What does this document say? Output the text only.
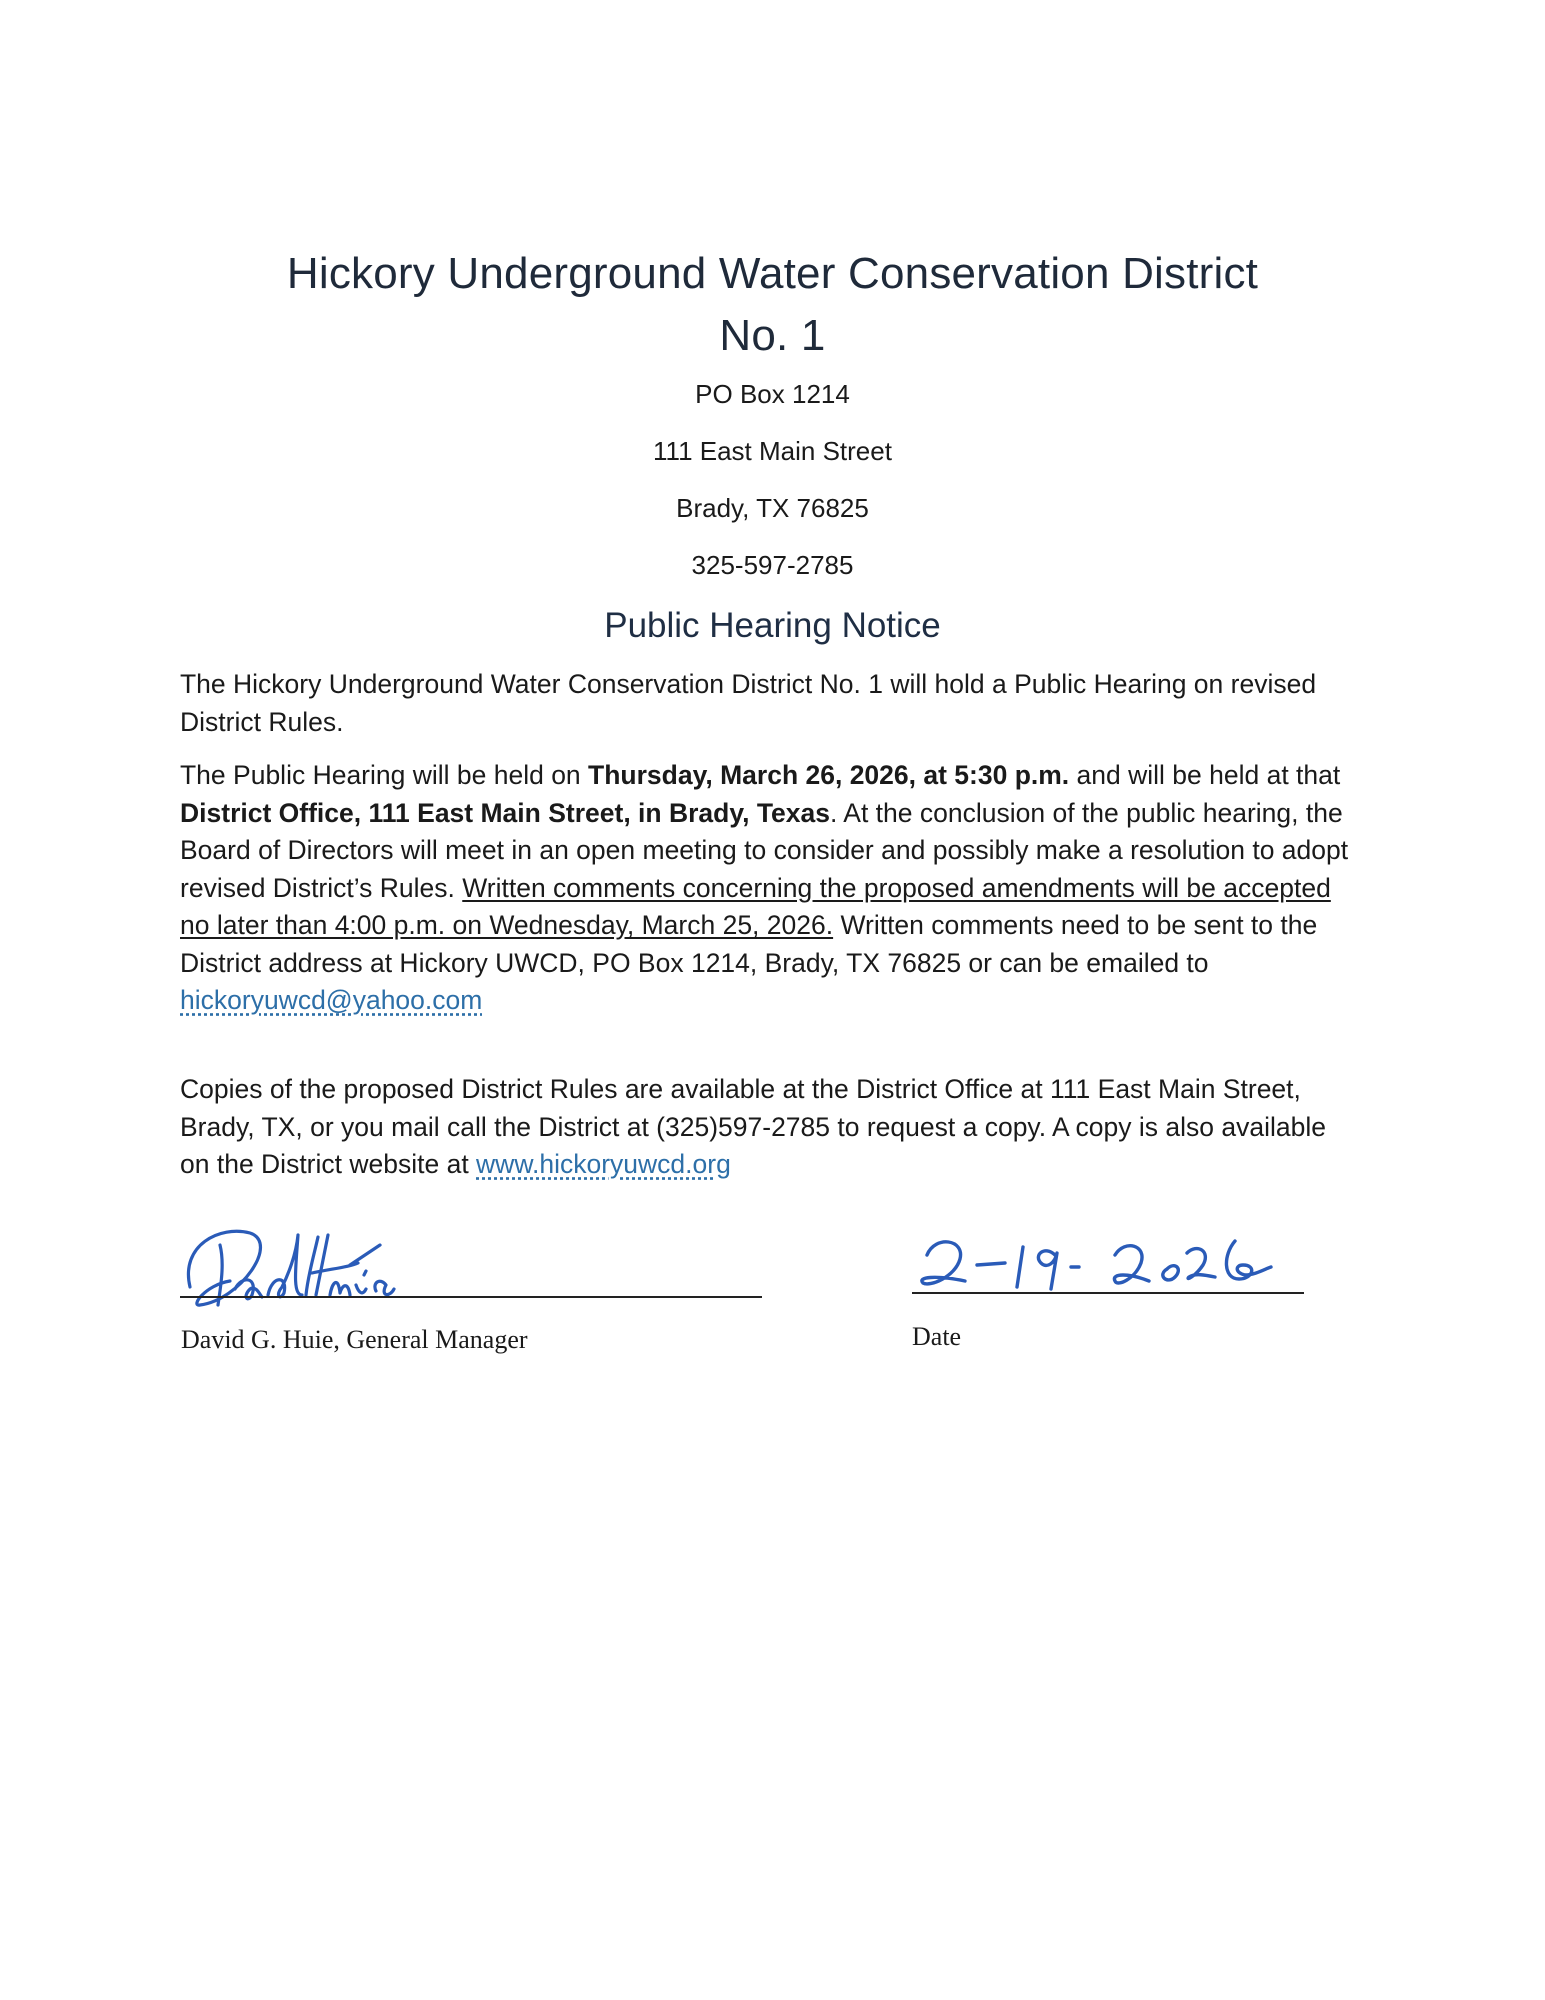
Hickory Underground Water Conservation District
No. 1
PO Box 1214
111 East Main Street
Brady, TX 76825
325-597-2785
Public Hearing Notice

The Hickory Underground Water Conservation District No. 1 will hold a Public Hearing on revised District Rules.

The Public Hearing will be held on Thursday, March 26, 2026, at 5:30 p.m. and will be held at that District Office, 111 East Main Street, in Brady, Texas. At the conclusion of the public hearing, the Board of Directors will meet in an open meeting to consider and possibly make a resolution to adopt revised District’s Rules. Written comments concerning the proposed amendments will be accepted no later than 4:00 p.m. on Wednesday, March 25, 2026. Written comments need to be sent to the District address at Hickory UWCD, PO Box 1214, Brady, TX 76825 or can be emailed to hickoryuwcd@yahoo.com

Copies of the proposed District Rules are available at the District Office at 111 East Main Street, Brady, TX, or you mail call the District at (325)597-2785 to request a copy. A copy is also available on the District website at www.hickoryuwcd.org

David G. Huie, General Manager	Date
